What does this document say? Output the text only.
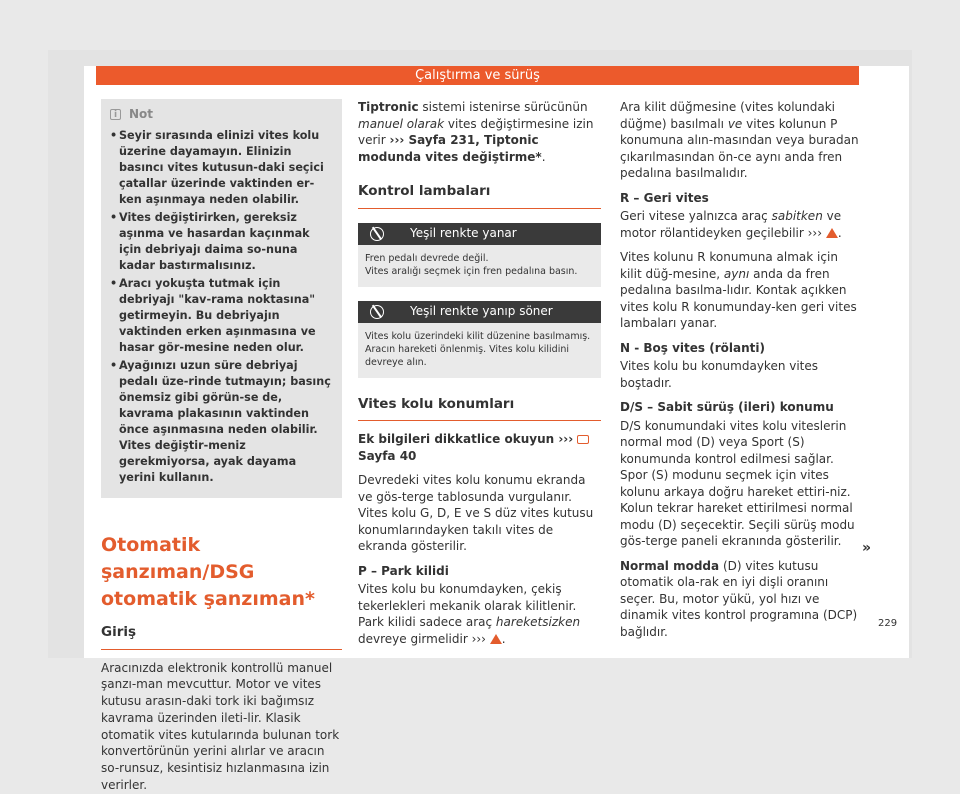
Çalıştırma ve sürüş
i
Not
• Seyir sırasında elinizi vites kolu üzerine dayamayın. Elinizin basıncı vites kutusun-daki seçici çatallar üzerinde vaktinden er-ken aşınmaya neden olabilir.
• Vites değiştirirken, gereksiz aşınma ve hasardan kaçınmak için debriyajı daima so-nuna kadar bastırmalısınız.
• Aracı yokuşta tutmak için debriyajı "kav-rama noktasına" getirmeyin. Bu debriyajın vaktinden erken aşınmasına ve hasar gör-mesine neden olur.
• Ayağınızı uzun süre debriyaj pedalı üze-rinde tutmayın; basınç önemsiz gibi görün-se de, kavrama plakasının vaktinden önce aşınmasına neden olabilir. Vites değiştir-meniz gerekmiyorsa, ayak dayama yerini kullanın.
Otomatik şanzıman/DSG otomatik şanzıman*
Giriş
Aracınızda elektronik kontrollü manuel şanzı-man mevcuttur. Motor ve vites kutusu arasın-daki tork iki bağımsız kavrama üzerinden ileti-lir. Klasik otomatik vites kutularında bulunan tork konvertörünün yerini alırlar ve aracın so-runsuz, kesintisiz hızlanmasına izin verirler.

Tiptronic sistemi istenirse sürücünün manuel olarak vites değiştirmesine izin verir ››› Sayfa 231, Tiptonic modunda vites değiştirme*.

Kontrol lambaları
Yeşil renkte yanar
Fren pedalı devrede değil.
Vites aralığı seçmek için fren pedalına basın.
Yeşil renkte yanıp söner
Vites kolu üzerindeki kilit düzenine basılmamış. Aracın hareketi önlenmiş. Vites kolu kilidini devreye alın.
Vites kolu konumları

Ek bilgileri dikkatlice okuyun ›››  Sayfa 40

Devredeki vites kolu konumu ekranda ve gös-terge tablosunda vurgulanır. Vites kolu G, D, E ve S düz vites kutusu konumlarındayken takılı vites de ekranda gösterilir.

P – Park kilidi

Vites kolu bu konumdayken, çekiş tekerlekleri mekanik olarak kilitlenir. Park kilidi sadece araç hareketsizken devreye girmelidir ››› .

Ara kilit düğmesine (vites kolundaki düğme) basılmalı ve vites kolunun P konumuna alın-masından veya buradan çıkarılmasından ön-ce aynı anda fren pedalına basılmalıdır.

R – Geri vites

Geri vitese yalnızca araç sabitken ve motor rölantideyken geçilebilir ››› .

Vites kolunu R konumuna almak için kilit düğ-mesine, aynı anda da fren pedalına basılma-lıdır. Kontak açıkken vites kolu R konumunday-ken geri vites lambaları yanar.

N - Boş vites (rölanti)

Vites kolu bu konumdayken vites boştadır.

D/S – Sabit sürüş (ileri) konumu

D/S konumundaki vites kolu viteslerin normal mod (D) veya Sport (S) konumunda kontrol edilmesi sağlar. Spor (S) modunu seçmek için vites kolunu arkaya doğru hareket ettiri-niz. Kolun tekrar hareket ettirilmesi normal modu (D) seçecektir. Seçili sürüş modu gös-terge paneli ekranında gösterilir.

Normal modda (D) vites kutusu otomatik ola-rak en iyi dişli oranını seçer. Bu, motor yükü, yol hızı ve dinamik vites kontrol programına (DCP) bağlıdır.

»
229
